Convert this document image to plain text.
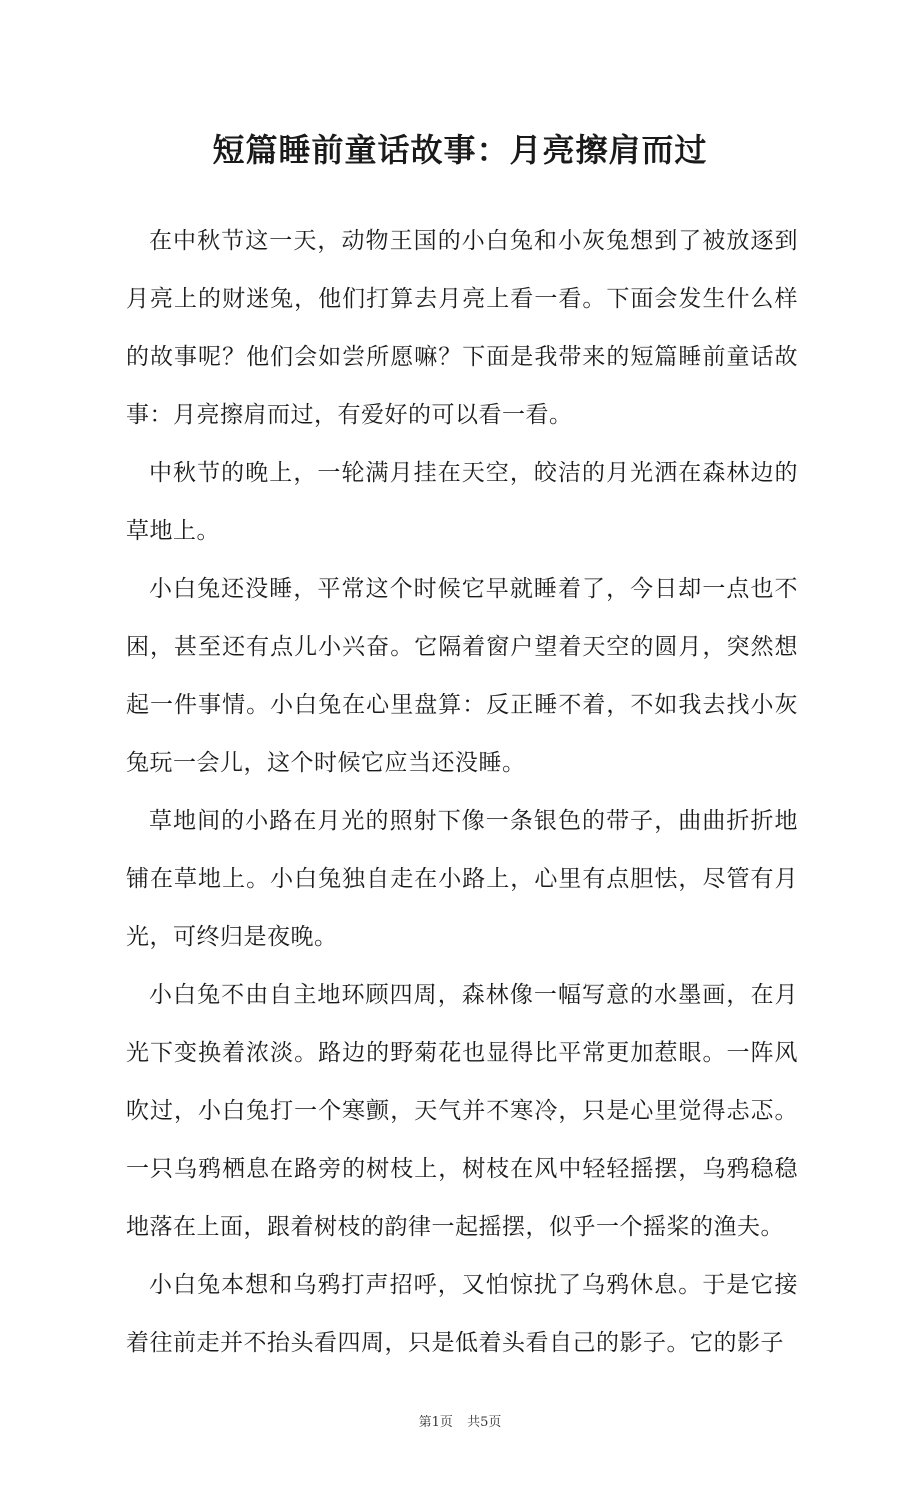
短篇睡前童话故事：月亮擦肩而过

在中秋节这一天，动物王国的小白兔和小灰兔想到了被放逐到月亮上的财迷兔，他们打算去月亮上看一看。下面会发生什么样的故事呢？他们会如尝所愿嘛？下面是我带来的短篇睡前童话故事：月亮擦肩而过，有爱好的可以看一看。

中秋节的晚上，一轮满月挂在天空，皎洁的月光洒在森林边的草地上。

小白兔还没睡，平常这个时候它早就睡着了，今日却一点也不困，甚至还有点儿小兴奋。它隔着窗户望着天空的圆月，突然想起一件事情。小白兔在心里盘算：反正睡不着，不如我去找小灰兔玩一会儿，这个时候它应当还没睡。

草地间的小路在月光的照射下像一条银色的带子，曲曲折折地铺在草地上。小白兔独自走在小路上，心里有点胆怯，尽管有月光，可终归是夜晚。

小白兔不由自主地环顾四周，森林像一幅写意的水墨画，在月光下变换着浓淡。路边的野菊花也显得比平常更加惹眼。一阵风吹过，小白兔打一个寒颤，天气并不寒冷，只是心里觉得忐忑。一只乌鸦栖息在路旁的树枝上，树枝在风中轻轻摇摆，乌鸦稳稳地落在上面，跟着树枝的韵律一起摇摆，似乎一个摇桨的渔夫。

小白兔本想和乌鸦打声招呼，又怕惊扰了乌鸦休息。于是它接着往前走并不抬头看四周，只是低着头看自己的影子。它的影子

第1页 共5页
